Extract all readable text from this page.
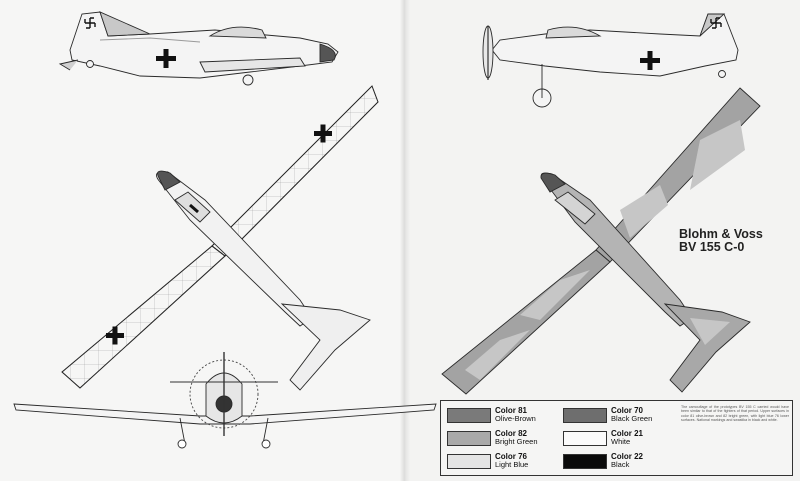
Blohm & Voss
BV 155 C-0
Color 81
Olive-Brown
Color 82
Bright Green
Color 76
Light Blue
Color 70
Black Green
Color 21
White
Color 22
Black
The camouflage of the prototypes BV 155 C carried would have been similar to that of the fighters of that period. Upper surfaces in color 81 olive-brown and 82 bright green, with light blue 76 lower surfaces. National markings and swastika in black and white.
